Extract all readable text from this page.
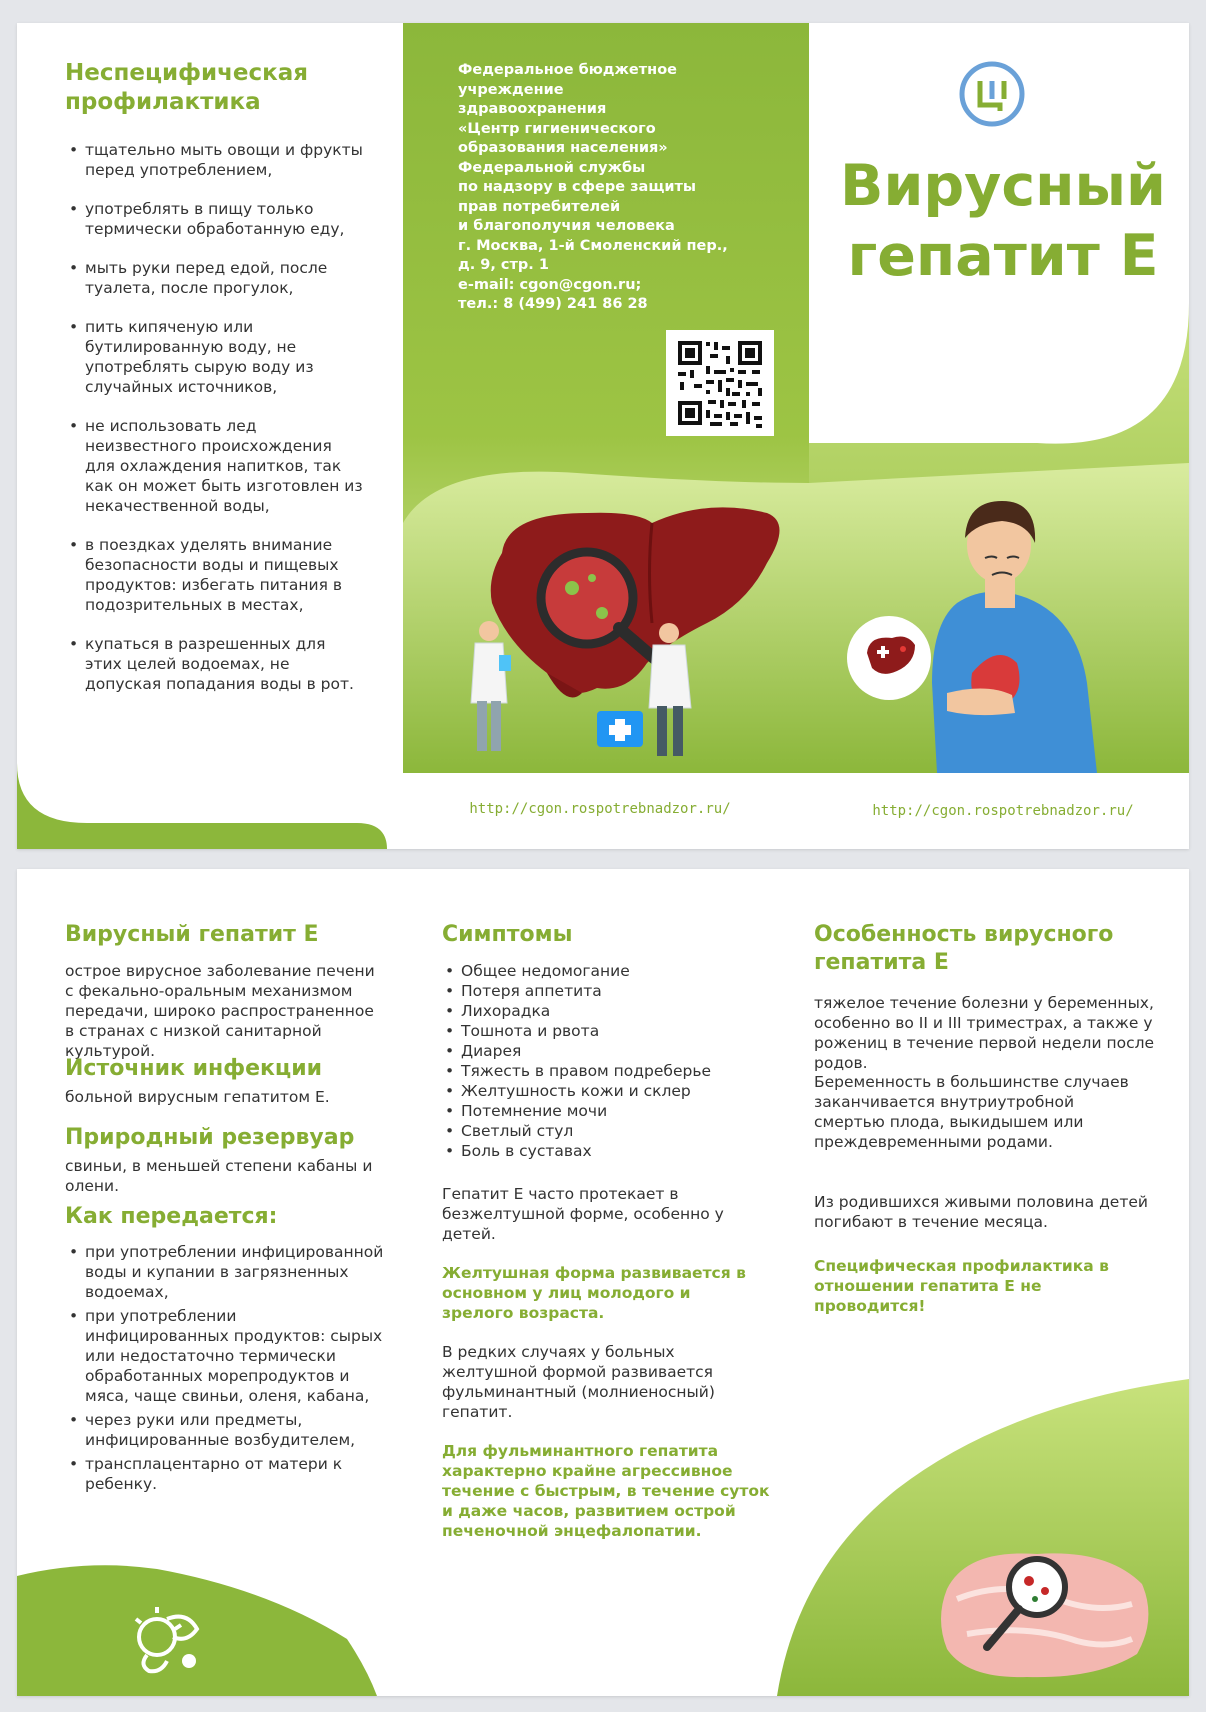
Неспецифическая профилактика
• тщательно мыть овощи и фрукты перед употреблением,
• употреблять в пищу только термически обработанную еду,
• мыть руки перед едой, после туалета, после прогулок,
• пить кипяченую или бутилированную воду, не употреблять сырую воду из случайных источников,
• не использовать лед неизвестного происхождения для охлаждения напитков, так как он может быть изготовлен из некачественной воды,
• в поездках уделять внимание безопасности воды и пищевых продуктов: избегать питания в подозрительных в местах,
• купаться в разрешенных для этих целей водоемах, не допуская попадания воды в рот.
Федеральное бюджетное
учреждение
здравоохранения
«Центр гигиенического
образования населения»
Федеральной службы
по надзору в сфере защиты
прав потребителей
и благополучия человека
г. Москва, 1-й Смоленский пер.,
д. 9, стр. 1
e-mail: cgon@cgon.ru;
тел.: 8 (499) 241 86 28
Вирусный
гепатит Е
http://cgon.rospotrebnadzor.ru/	http://cgon.rospotrebnadzor.ru/
Вирусный гепатит Е
острое вирусное заболевание печени с фекально-оральным механизмом передачи, широко распространенное в странах с низкой санитарной культурой.
Источник инфекции
больной вирусным гепатитом Е.
Природный резервуар
свиньи, в меньшей степени кабаны и олени.
Как передается:
• при употреблении инфицированной воды и купании в загрязненных водоемах,
• при употреблении инфицированных продуктов: сырых или недостаточно термически обработанных морепродуктов и мяса, чаще свиньи, оленя, кабана,
• через руки или предметы, инфицированные возбудителем,
• трансплацентарно от матери к ребенку.
Симптомы
• Общее недомогание
• Потеря аппетита
• Лихорадка
• Тошнота и рвота
• Диарея
• Тяжесть в правом подреберье
• Желтушность кожи и склер
• Потемнение мочи
• Светлый стул
• Боль в суставах
Гепатит Е часто протекает в безжелтушной форме, особенно у детей.
Желтушная форма развивается в основном у лиц молодого и зрелого возраста.
В редких случаях у больных желтушной формой развивается фульминантный (молниеносный) гепатит.
Для фульминантного гепатита характерно крайне агрессивное течение с быстрым, в течение суток и даже часов, развитием острой печеночной энцефалопатии.
Особенность вирусного гепатита Е
тяжелое течение болезни у беременных, особенно во II и III триместрах, а также у рожениц в течение первой недели после родов.
Беременность в большинстве случаев заканчивается внутриутробной смертью плода, выкидышем или преждевременными родами.
Из родившихся живыми половина детей погибают в течение месяца.
Специфическая профилактика в отношении гепатита Е не проводится!
